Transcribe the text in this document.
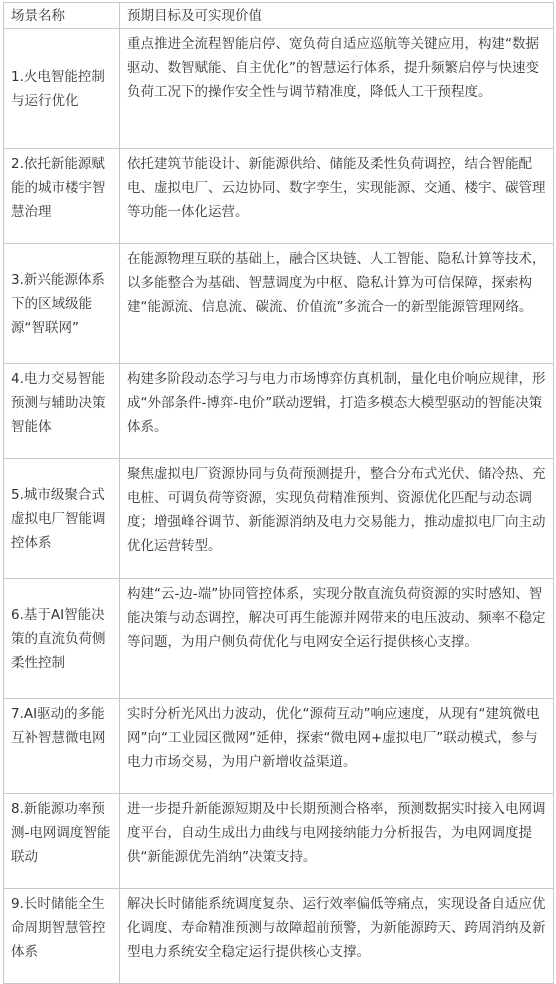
场景名称	预期目标及可实现价值
1.火电智能控制与运行优化	重点推进全流程智能启停、宽负荷自适应巡航等关键应用，构建“数据驱动、数智赋能、自主优化”的智慧运行体系，提升频繁启停与快速变负荷工况下的操作安全性与调节精准度，降低人工干预程度。
2.依托新能源赋能的城市楼宇智慧治理	依托建筑节能设计、新能源供给、储能及柔性负荷调控，结合智能配电、虚拟电厂、云边协同、数字孪生，实现能源、交通、楼宇、碳管理等功能一体化运营。
3.新兴能源体系下的区域级能源“智联网”	在能源物理互联的基础上，融合区块链、人工智能、隐私计算等技术，以多能整合为基础、智慧调度为中枢、隐私计算为可信保障，探索构建“能源流、信息流、碳流、价值流”多流合一的新型能源管理网络。
4.电力交易智能预测与辅助决策智能体	构建多阶段动态学习与电力市场博弈仿真机制，量化电价响应规律，形成“外部条件-博弈-电价”联动逻辑，打造多模态大模型驱动的智能决策体系。
5.城市级聚合式虚拟电厂智能调控体系	聚焦虚拟电厂资源协同与负荷预测提升，整合分布式光伏、储冷热、充电桩、可调负荷等资源，实现负荷精准预判、资源优化匹配与动态调度；增强峰谷调节、新能源消纳及电力交易能力，推动虚拟电厂向主动优化运营转型。
6.基于AI智能决策的直流负荷侧柔性控制	构建“云-边-端”协同管控体系，实现分散直流负荷资源的实时感知、智能决策与动态调控，解决可再生能源并网带来的电压波动、频率不稳定等问题，为用户侧负荷优化与电网安全运行提供核心支撑。
7.AI驱动的多能互补智慧微电网	实时分析光风出力波动，优化“源荷互动”响应速度，从现有“建筑微电网”向“工业园区微网”延伸，探索“微电网+虚拟电厂”联动模式，参与电力市场交易，为用户新增收益渠道。
8.新能源功率预测-电网调度智能联动	进一步提升新能源短期及中长期预测合格率，预测数据实时接入电网调度平台，自动生成出力曲线与电网接纳能力分析报告，为电网调度提供“新能源优先消纳”决策支持。
9.长时储能全生命周期智慧管控体系	解决长时储能系统调度复杂、运行效率偏低等痛点，实现设备自适应优化调度、寿命精准预测与故障超前预警，为新能源跨天、跨周消纳及新型电力系统安全稳定运行提供核心支撑。
